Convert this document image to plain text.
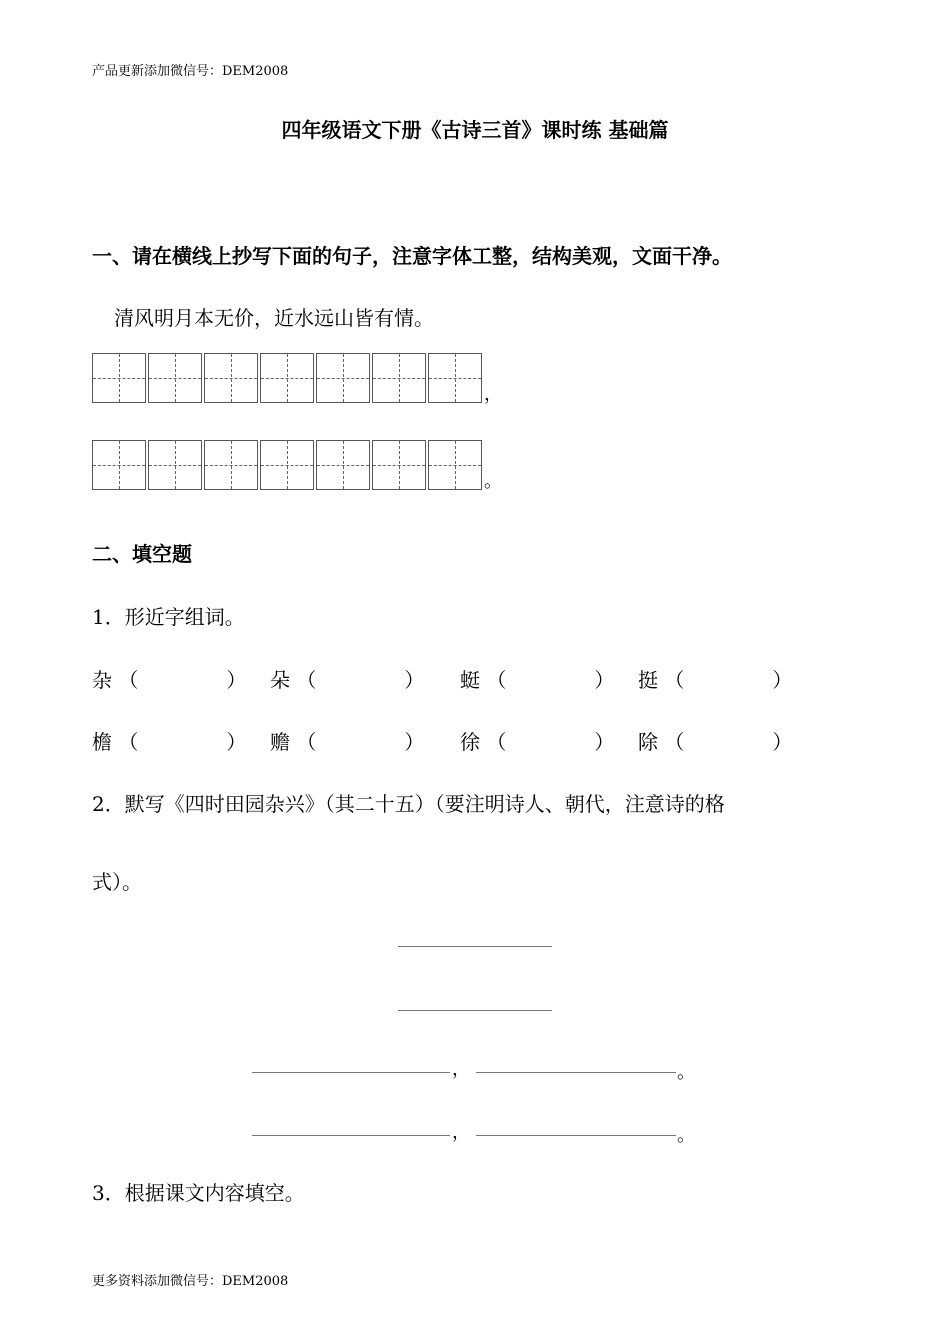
产品更新添加微信号：DEM2008
四年级语文下册《古诗三首》课时练 基础篇
一、请在横线上抄写下面的句子，注意字体工整，结构美观，文面干净。
清风明月本无价，近水远山皆有情。
，
。
二、填空题
1．形近字组词。
杂 （	） 朵 （	） 蜓 （	） 挺 （	）
檐 （	） 赡 （	） 徐 （	） 除 （	）
2．默写《四时田园杂兴》（其二十五）（要注明诗人、朝代，注意诗的格
式）。
，	。
，	。
3．根据课文内容填空。
更多资料添加微信号：DEM2008
